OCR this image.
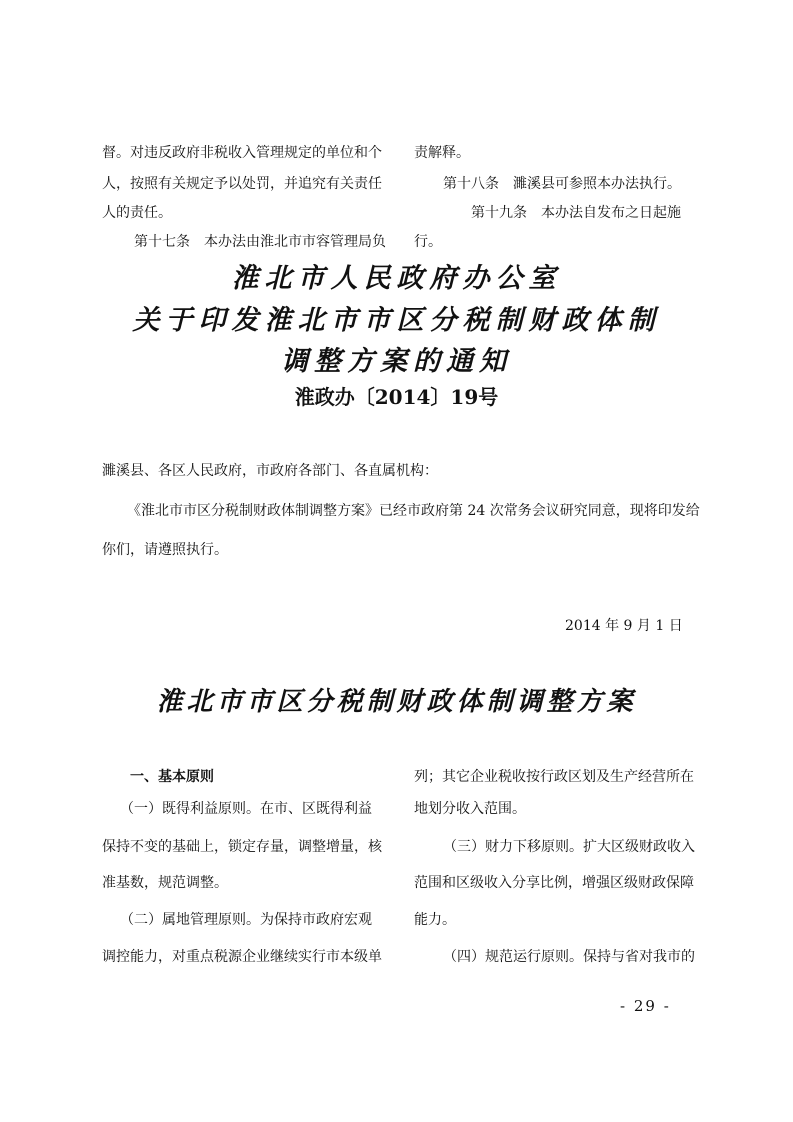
督。对违反政府非税收入管理规定的单位和个
人，按照有关规定予以处罚，并追究有关责任
人的责任。
第十七条　本办法由淮北市市容管理局负
责解释。
第十八条　濉溪县可参照本办法执行。
第十九条　本办法自发布之日起施
行。
淮北市人民政府办公室
关于印发淮北市市区分税制财政体制
调整方案的通知
淮政办〔2014〕19号
濉溪县、各区人民政府，市政府各部门、各直属机构：
《淮北市市区分税制财政体制调整方案》已经市政府第 24 次常务会议研究同意，现将印发给
你们，请遵照执行。
2014 年 9 月 1 日
淮北市市区分税制财政体制调整方案
一、基本原则
（一）既得利益原则。在市、区既得利益
保持不变的基础上，锁定存量，调整增量，核
准基数，规范调整。
（二）属地管理原则。为保持市政府宏观
调控能力，对重点税源企业继续实行市本级单
列；其它企业税收按行政区划及生产经营所在
地划分收入范围。
（三）财力下移原则。扩大区级财政收入
范围和区级收入分享比例，增强区级财政保障
能力。
（四）规范运行原则。保持与省对我市的
- 29 -
